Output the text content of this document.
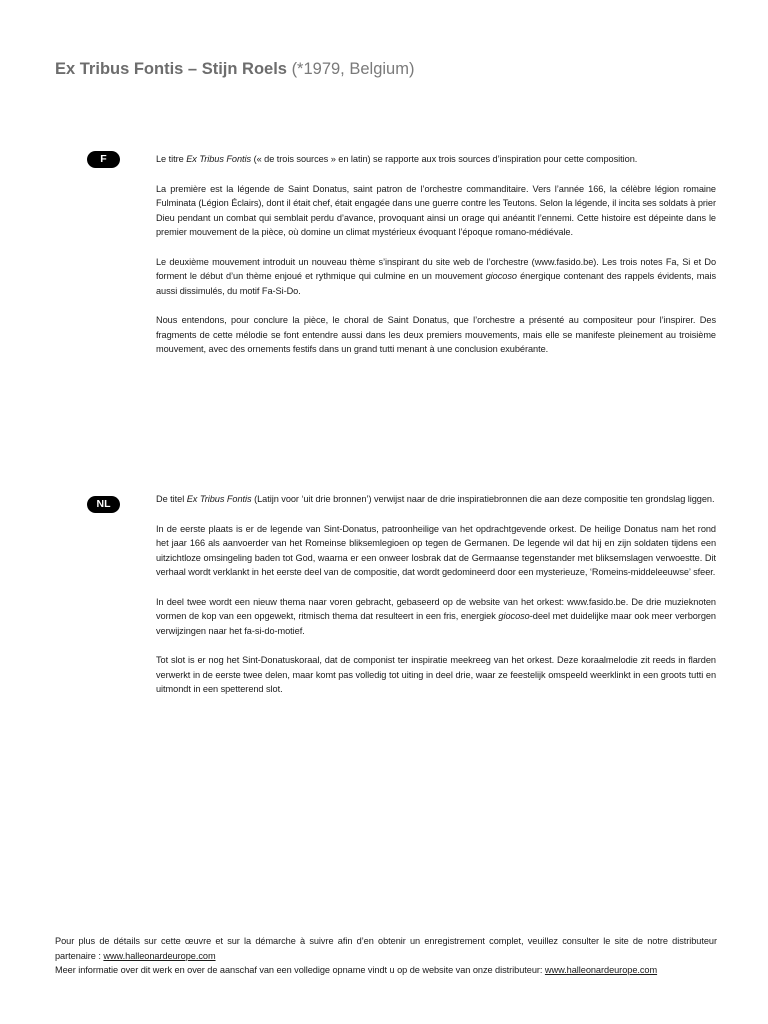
Ex Tribus Fontis – Stijn Roels (*1979, Belgium)
F	Le titre Ex Tribus Fontis (« de trois sources » en latin) se rapporte aux trois sources d’inspiration pour cette composition.

La première est la légende de Saint Donatus, saint patron de l’orchestre commanditaire. Vers l’année 166, la célèbre légion romaine Fulminata (Légion Éclairs), dont il était chef, était engagée dans une guerre contre les Teutons. Selon la légende, il incita ses soldats à prier Dieu pendant un combat qui semblait perdu d’avance, provoquant ainsi un orage qui anéantit l’ennemi. Cette histoire est dépeinte dans le premier mouvement de la pièce, où domine un climat mystérieux évoquant l’époque romano-médiévale.

Le deuxième mouvement introduit un nouveau thème s’inspirant du site web de l’orchestre (www.fasido.be). Les trois notes Fa, Si et Do forment le début d’un thème enjoué et rythmique qui culmine en un mouvement giocoso énergique contenant des rappels évidents, mais aussi dissimulés, du motif Fa-Si-Do.

Nous entendons, pour conclure la pièce, le choral de Saint Donatus, que l’orchestre a présenté au compositeur pour l’inspirer. Des fragments de cette mélodie se font entendre aussi dans les deux premiers mouvements, mais elle se manifeste pleinement au troisième mouvement, avec des ornements festifs dans un grand tutti menant à une conclusion exubérante.

NL	De titel Ex Tribus Fontis (Latijn voor ‘uit drie bronnen’) verwijst naar de drie inspiratiebronnen die aan deze compositie ten grondslag liggen.

In de eerste plaats is er de legende van Sint-Donatus, patroonheilige van het opdrachtgevende orkest. De heilige Donatus nam het rond het jaar 166 als aanvoerder van het Romeinse bliksemlegioen op tegen de Germanen. De legende wil dat hij en zijn soldaten tijdens een uitzichtloze omsingeling baden tot God, waarna er een onweer losbrak dat de Germaanse tegenstander met bliksemslagen verwoestte. Dit verhaal wordt verklankt in het eerste deel van de compositie, dat wordt gedomineerd door een mysterieuze, ‘Romeins-middeleeuwse’ sfeer.

In deel twee wordt een nieuw thema naar voren gebracht, gebaseerd op de website van het orkest: www.fasido.be. De drie muzieknoten vormen de kop van een opgewekt, ritmisch thema dat resulteert in een fris, energiek giocoso-deel met duidelijke maar ook meer verborgen verwijzingen naar het fa-si-do-motief.

Tot slot is er nog het Sint-Donatuskoraal, dat de componist ter inspiratie meekreeg van het orkest. Deze koraalmelodie zit reeds in flarden verwerkt in de eerste twee delen, maar komt pas volledig tot uiting in deel drie, waar ze feestelijk omspeeld weerklinkt in een groots tutti en uitmondt in een spetterend slot.

Pour plus de détails sur cette œuvre et sur la démarche à suivre afin d’en obtenir un enregistrement complet, veuillez consulter le site de notre distributeur partenaire : www.halleonardeurope.com

Meer informatie over dit werk en over de aanschaf van een volledige opname vindt u op de website van onze distributeur: www.halleonardeurope.com
